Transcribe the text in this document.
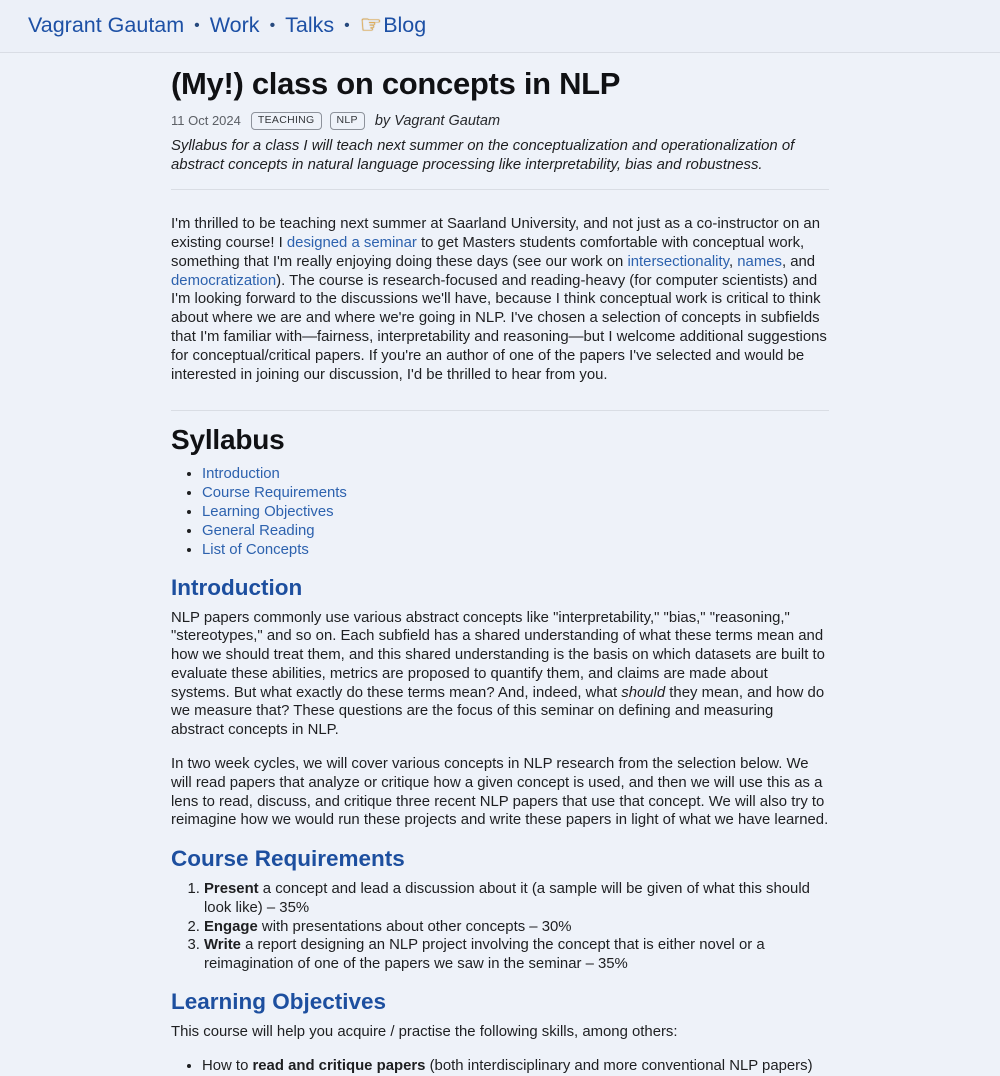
Vagrant Gautam • Work • Talks • ☞ Blog
(My!) class on concepts in NLP
11 Oct 2024	TEACHING	NLP	by Vagrant Gautam

Syllabus for a class I will teach next summer on the conceptualization and operationalization of abstract concepts in natural language processing like interpretability, bias and robustness.

I'm thrilled to be teaching next summer at Saarland University, and not just as a co-instructor on an existing course! I designed a seminar to get Masters students comfortable with conceptual work, something that I'm really enjoying doing these days (see our work on intersectionality, names, and democratization). The course is research-focused and reading-heavy (for computer scientists) and I'm looking forward to the discussions we'll have, because I think conceptual work is critical to think about where we are and where we're going in NLP. I've chosen a selection of concepts in subfields that I'm familiar with—fairness, interpretability and reasoning—but I welcome additional suggestions for conceptual/critical papers. If you're an author of one of the papers I've selected and would be interested in joining our discussion, I'd be thrilled to hear from you.

Syllabus
• Introduction
• Course Requirements
• Learning Objectives
• General Reading
• List of Concepts
Introduction

NLP papers commonly use various abstract concepts like "interpretability," "bias," "reasoning," "stereotypes," and so on. Each subfield has a shared understanding of what these terms mean and how we should treat them, and this shared understanding is the basis on which datasets are built to evaluate these abilities, metrics are proposed to quantify them, and claims are made about systems. But what exactly do these terms mean? And, indeed, what should they mean, and how do we measure that? These questions are the focus of this seminar on defining and measuring abstract concepts in NLP.

In two week cycles, we will cover various concepts in NLP research from the selection below. We will read papers that analyze or critique how a given concept is used, and then we will use this as a lens to read, discuss, and critique three recent NLP papers that use that concept. We will also try to reimagine how we would run these projects and write these papers in light of what we have learned.

Course Requirements
1. Present a concept and lead a discussion about it (a sample will be given of what this should look like) – 35%
2. Engage with presentations about other concepts – 30%
3. Write a report designing an NLP project involving the concept that is either novel or a reimagination of one of the papers we saw in the seminar – 35%
Learning Objectives

This course will help you acquire / practise the following skills, among others:

• How to read and critique papers (both interdisciplinary and more conventional NLP papers)
